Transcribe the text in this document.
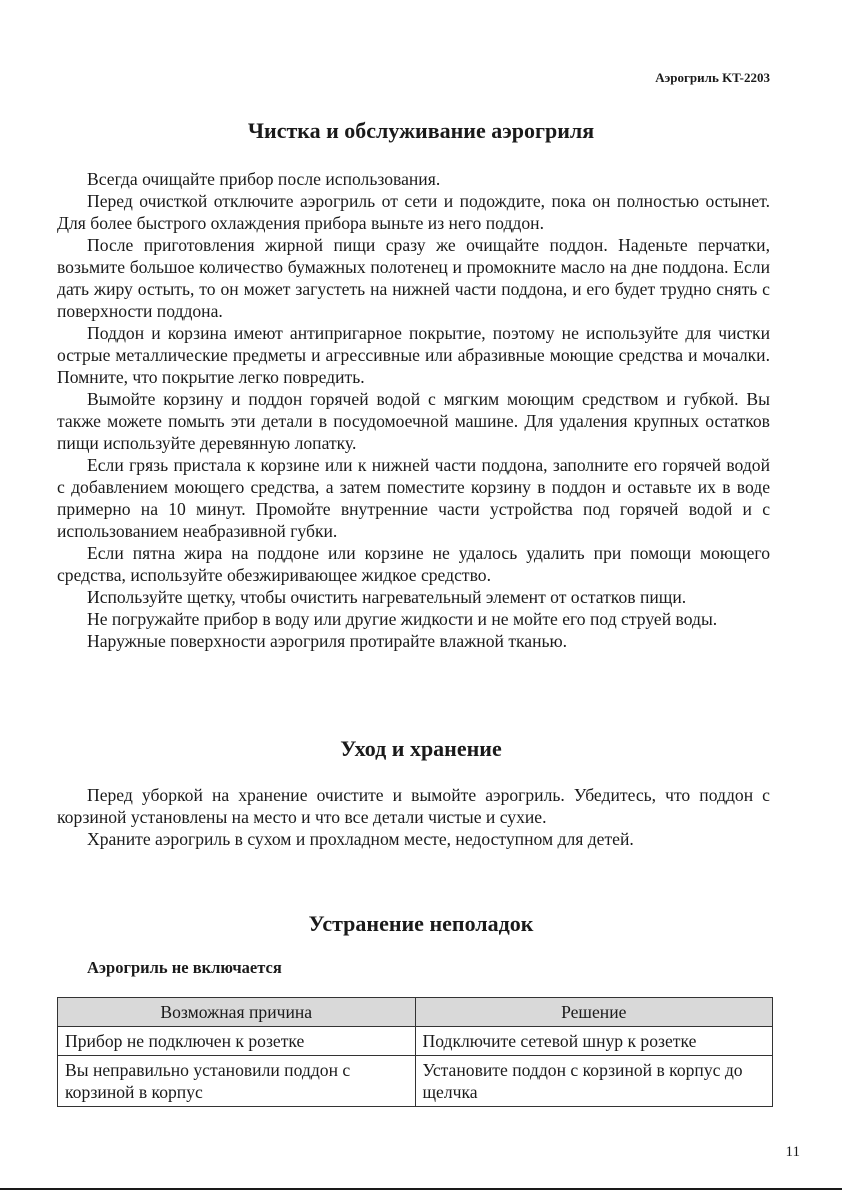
Аэрогриль KT-2203
Чистка и обслуживание аэрогриля

Всегда очищайте прибор после использования.

Перед очисткой отключите аэрогриль от сети и подождите, пока он полностью остынет. Для более быстрого охлаждения прибора выньте из него поддон.

После приготовления жирной пищи сразу же очищайте поддон. Наденьте перчатки, возьмите большое количество бумажных полотенец и промокните масло на дне поддона. Если дать жиру остыть, то он может загустеть на нижней части поддона, и его будет трудно снять с поверхности поддона.

Поддон и корзина имеют антипригарное покрытие, поэтому не используйте для чистки острые металлические предметы и агрессивные или абразивные моющие средства и мочалки. Помните, что покрытие легко повредить.

Вымойте корзину и поддон горячей водой с мягким моющим средством и губкой. Вы также можете помыть эти детали в посудомоечной машине. Для удаления крупных остатков пищи используйте деревянную лопатку.

Если грязь пристала к корзине или к нижней части поддона, заполните его горячей водой с добавлением моющего средства, а затем поместите корзину в поддон и оставьте их в воде примерно на 10 минут. Промойте внутренние части устройства под горячей водой и с использованием неабразивной губки.

Если пятна жира на поддоне или корзине не удалось удалить при помощи моющего средства, используйте обезжиривающее жидкое средство.

Используйте щетку, чтобы очистить нагревательный элемент от остатков пищи.

Не погружайте прибор в воду или другие жидкости и не мойте его под струей воды.

Наружные поверхности аэрогриля протирайте влажной тканью.

Уход и хранение

Перед уборкой на хранение очистите и вымойте аэрогриль. Убедитесь, что поддон с корзиной установлены на место и что все детали чистые и сухие.

Храните аэрогриль в сухом и прохладном месте, недоступном для детей.

Устранение неполадок
Аэрогриль не включается
Возможная причина	Решение
Прибор не подключен к розетке	Подключите сетевой шнур к розетке
Вы неправильно установили поддон с корзиной в корпус	Установите поддон с корзиной в корпус до щелчка
11
